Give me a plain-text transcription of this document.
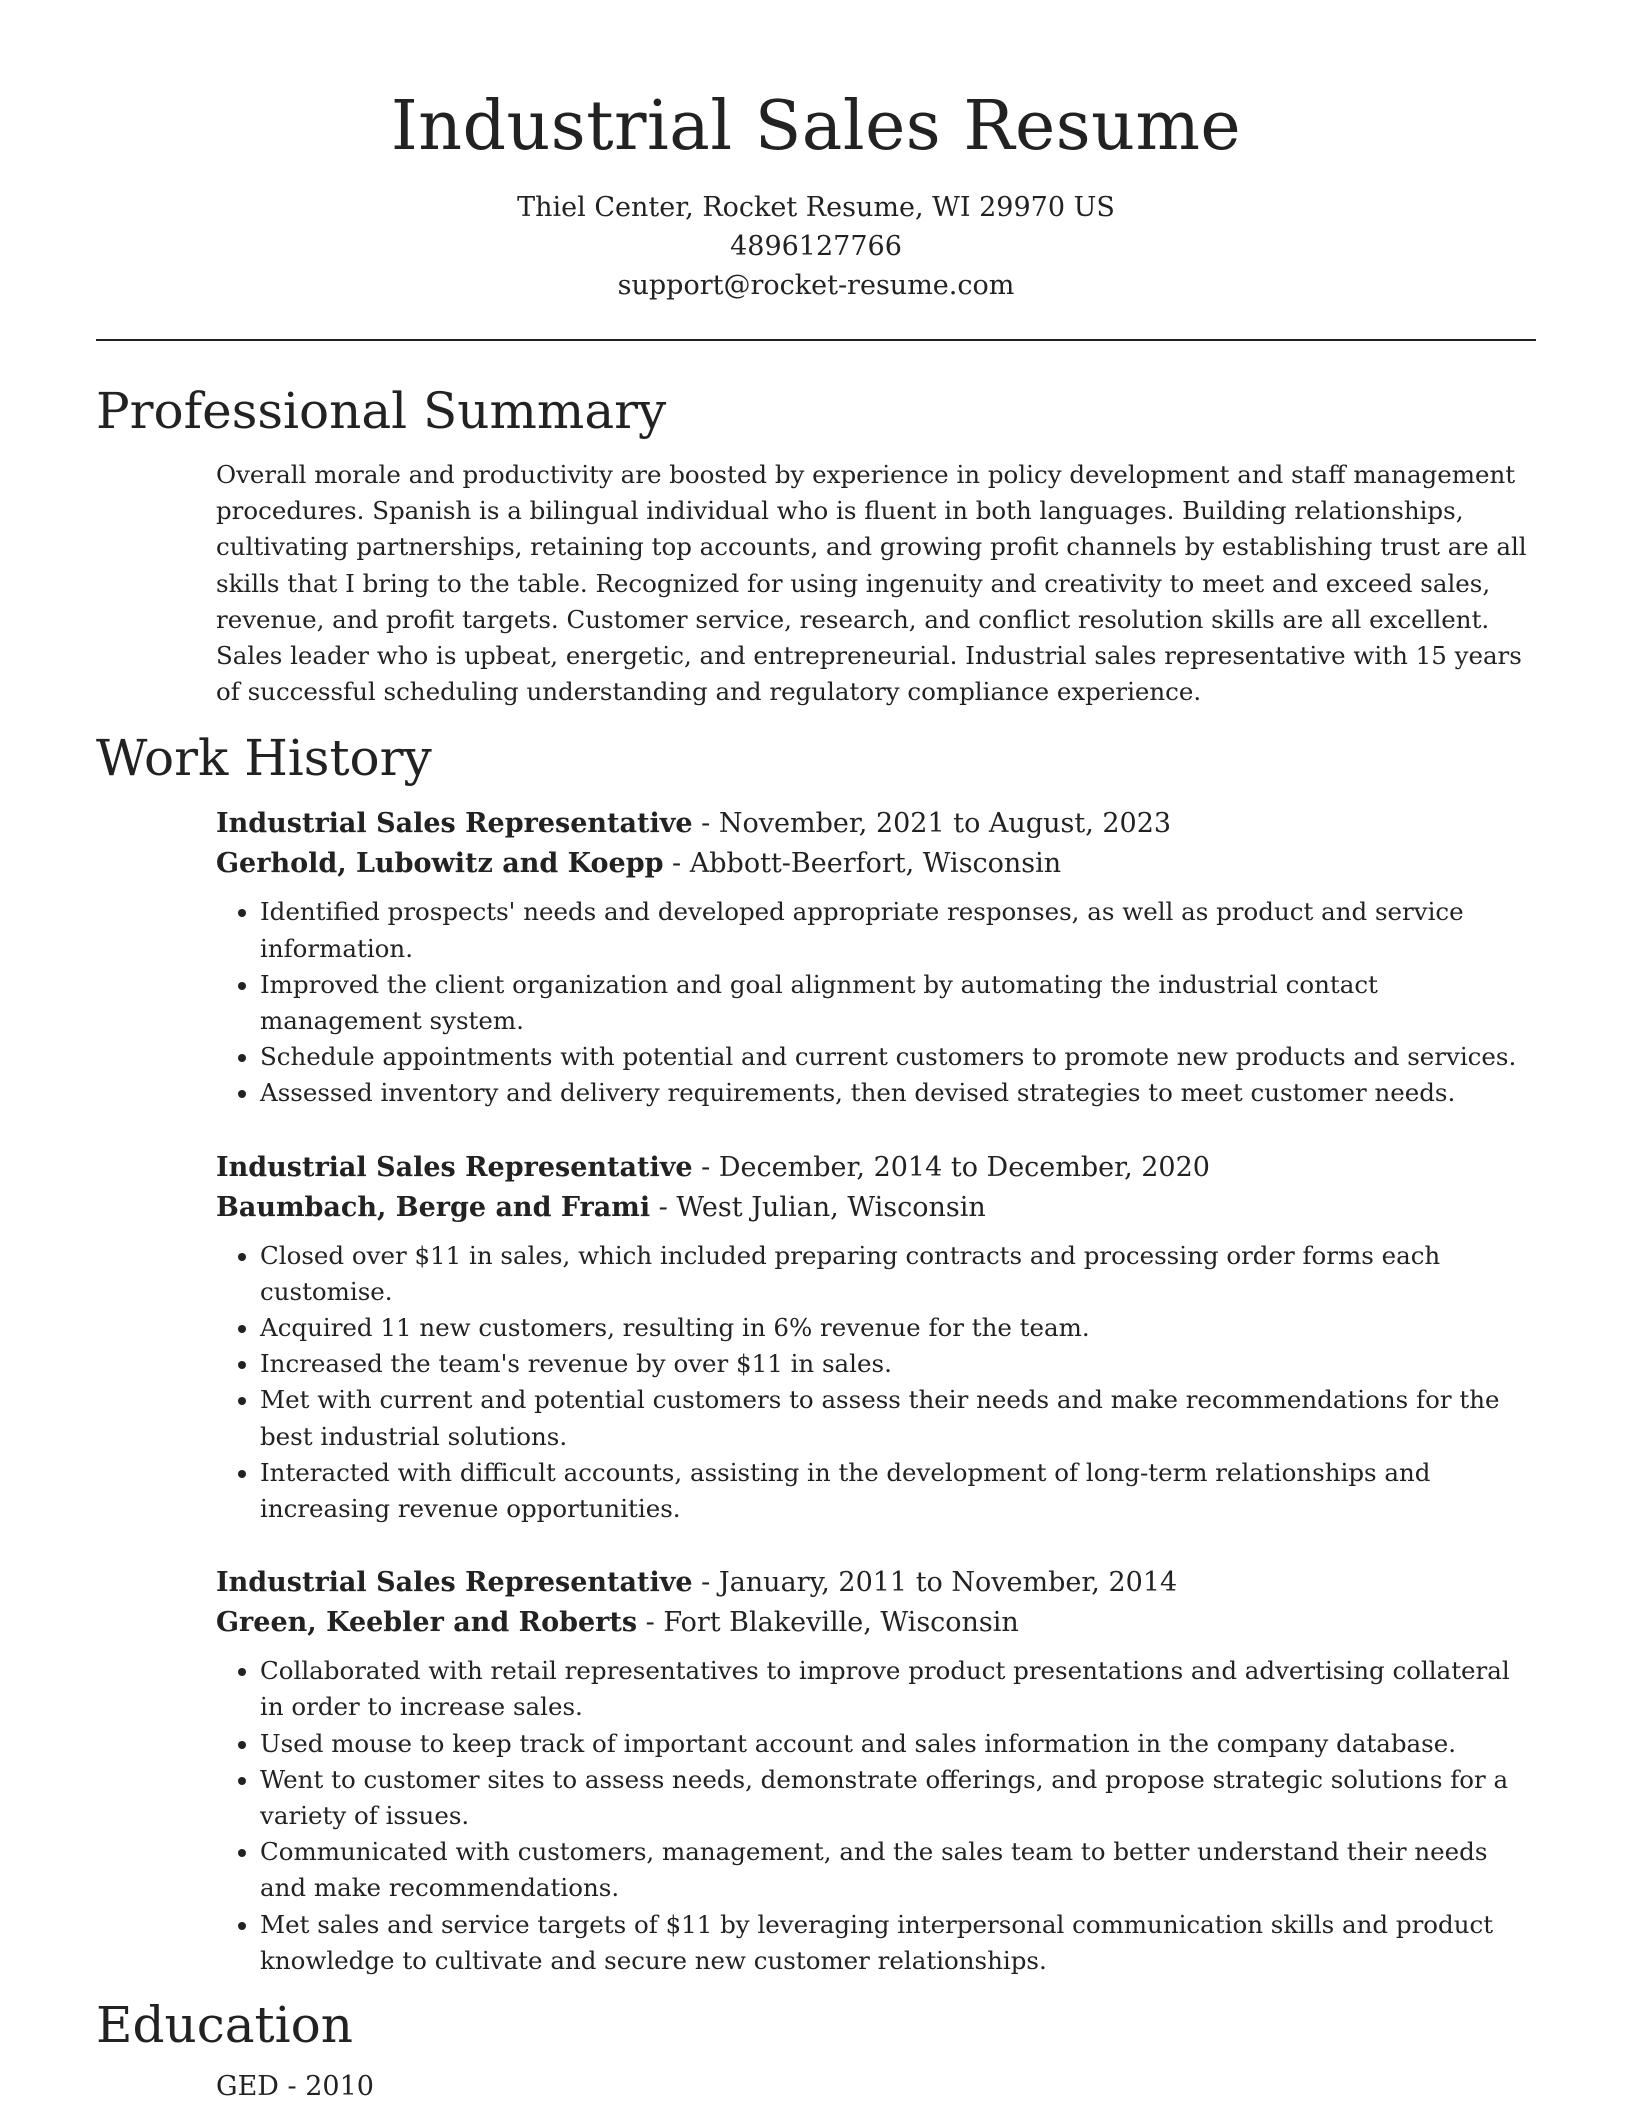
Industrial Sales Resume
Thiel Center, Rocket Resume, WI 29970 US
4896127766
support@rocket-resume.com
Professional Summary

Overall morale and productivity are boosted by experience in policy development and staff management procedures. Spanish is a bilingual individual who is fluent in both languages. Building relationships, cultivating partnerships, retaining top accounts, and growing profit channels by establishing trust are all skills that I bring to the table. Recognized for using ingenuity and creativity to meet and exceed sales, revenue, and profit targets. Customer service, research, and conflict resolution skills are all excellent. Sales leader who is upbeat, energetic, and entrepreneurial. Industrial sales representative with 15 years of successful scheduling understanding and regulatory compliance experience.

Work History
Industrial Sales Representative - November, 2021 to August, 2023
Gerhold, Lubowitz and Koepp - Abbott-Beerfort, Wisconsin
• Identified prospects' needs and developed appropriate responses, as well as product and service information.
• Improved the client organization and goal alignment by automating the industrial contact management system.
• Schedule appointments with potential and current customers to promote new products and services.
• Assessed inventory and delivery requirements, then devised strategies to meet customer needs.
Industrial Sales Representative - December, 2014 to December, 2020
Baumbach, Berge and Frami - West Julian, Wisconsin
• Closed over $11 in sales, which included preparing contracts and processing order forms each customise.
• Acquired 11 new customers, resulting in 6% revenue for the team.
• Increased the team's revenue by over $11 in sales.
• Met with current and potential customers to assess their needs and make recommendations for the best industrial solutions.
• Interacted with difficult accounts, assisting in the development of long-term relationships and increasing revenue opportunities.
Industrial Sales Representative - January, 2011 to November, 2014
Green, Keebler and Roberts - Fort Blakeville, Wisconsin
• Collaborated with retail representatives to improve product presentations and advertising collateral in order to increase sales.
• Used mouse to keep track of important account and sales information in the company database.
• Went to customer sites to assess needs, demonstrate offerings, and propose strategic solutions for a variety of issues.
• Communicated with customers, management, and the sales team to better understand their needs and make recommendations.
• Met sales and service targets of $11 by leveraging interpersonal communication skills and product knowledge to cultivate and secure new customer relationships.
Education
GED - 2010
